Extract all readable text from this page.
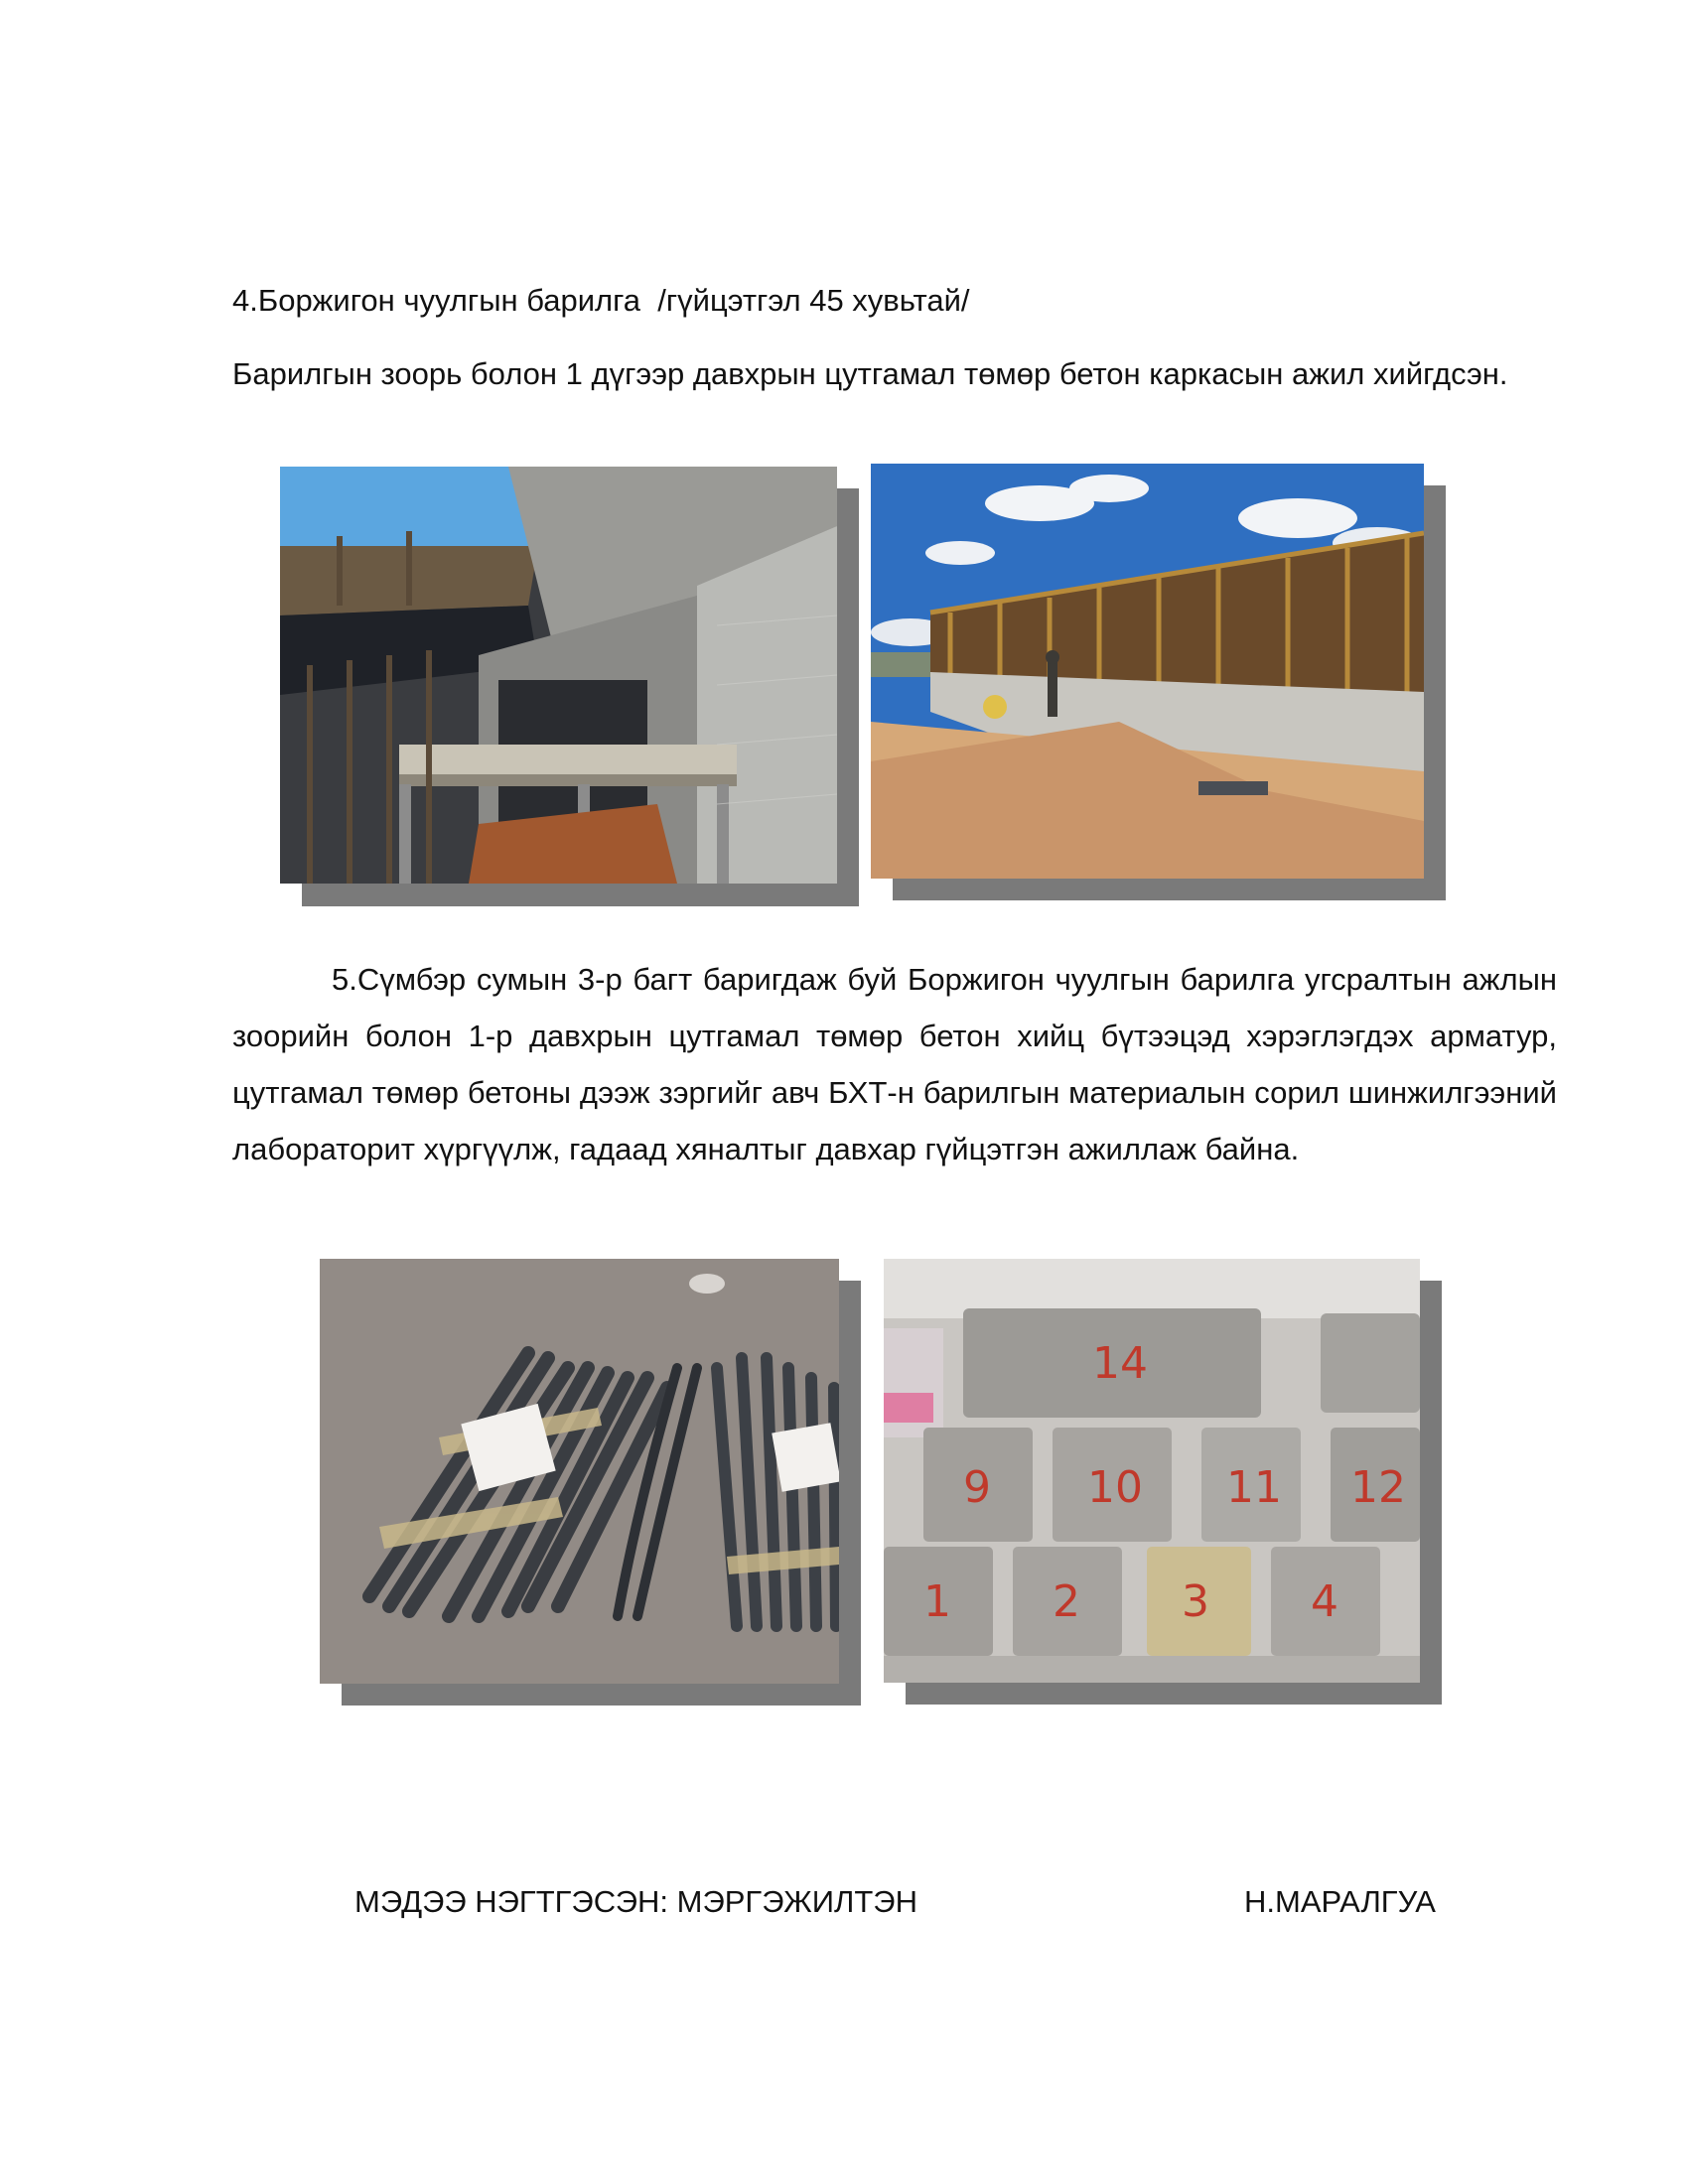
4.Боржигон чуулгын барилга  /гүйцэтгэл 45 хувьтай/
Барилгын зоорь болон 1 дүгээр давхрын цутгамал төмөр бетон каркасын ажил хийгдсэн.
5.Сүмбэр сумын 3-р багт баригдаж буй Боржигон чуулгын барилга угсралтын ажлын зоорийн болон 1-р давхрын цутгамал төмөр бетон хийц бүтээцэд хэрэглэгдэх арматур, цутгамал төмөр бетоны дээж зэргийг авч БХТ-н барилгын материалын сорил шинжилгээний лабораторит хүргүүлж, гадаад хяналтыг давхар гүйцэтгэн ажиллаж байна.
14
9 10 11 12
1 2 3 4
МЭДЭЭ НЭГТГЭСЭН: МЭРГЭЖИЛТЭН	Н.МАРАЛГУА
